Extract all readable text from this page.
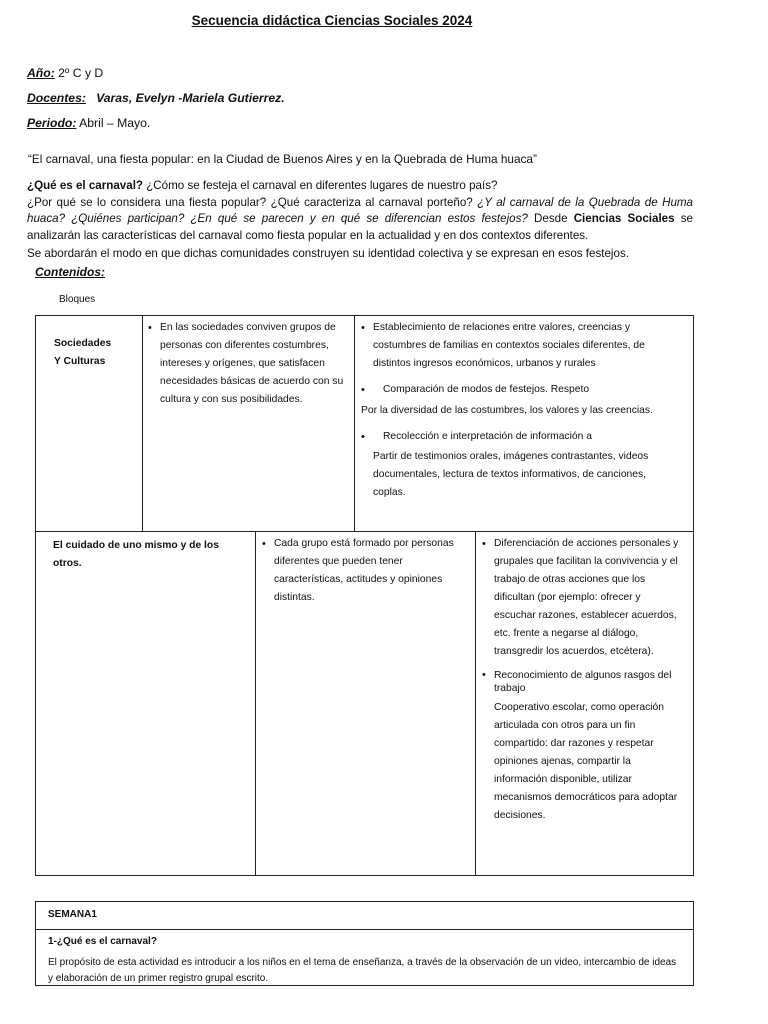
Secuencia didáctica Ciencias Sociales 2024
Año: 2º C y D
Docentes:   Varas, Evelyn -Mariela Gutierrez.
Periodo: Abril – Mayo.
“El carnaval, una fiesta popular: en la Ciudad de Buenos Aires y en la Quebrada de Huma huaca”

¿Qué es el carnaval? ¿Cómo se festeja el carnaval en diferentes lugares de nuestro país?
¿Por qué se lo considera una fiesta popular? ¿Qué caracteriza al carnaval porteño? ¿Y al carnaval de la Quebrada de Huma huaca? ¿Quiénes participan? ¿En qué se parecen y en qué se diferencian estos festejos? Desde Ciencias Sociales se analizarán las características del carnaval como fiesta popular en la actualidad y en dos contextos diferentes.

Se abordarán el modo en que dichas comunidades construyen su identidad colectiva y se expresan en esos festejos.

Contenidos:
Bloques
Sociedades
Y Culturas
• En las sociedades conviven grupos de personas con diferentes costumbres, intereses y orígenes, que satisfacen necesidades básicas de acuerdo con su cultura y con sus posibilidades.
• Establecimiento de relaciones entre valores, creencias y costumbres de familias en contextos sociales diferentes, de distintos ingresos económicos, urbanos y rurales
• Comparación de modos de festejos. Respeto
Por la diversidad de las costumbres, los valores y las creencias.
• Recolección e interpretación de información a
Partir de testimonios orales, imágenes contrastantes, videos documentales, lectura de textos informativos, de canciones, coplas.
El cuidado de uno mismo y de los otros.
• Cada grupo está formado por personas diferentes que pueden tener características, actitudes y opiniones distintas.
• Diferenciación de acciones personales y grupales que facilitan la convivencia y el trabajo de otras acciones que los dificultan (por ejemplo: ofrecer y escuchar razones, establecer acuerdos, etc. frente a negarse al diálogo, transgredir los acuerdos, etcétera).
• Reconocimiento de algunos rasgos del trabajo
Cooperativo escolar, como operación articulada con otros para un fin compartido: dar razones y respetar opiniones ajenas, compartir la información disponible, utilizar mecanismos democráticos para adoptar decisiones.
SEMANA1
1-¿Qué es el carnaval?
El propósito de esta actividad es introducir a los niños en el tema de enseñanza, a través de la observación de un video, intercambio de ideas y elaboración de un primer registro grupal escrito.
